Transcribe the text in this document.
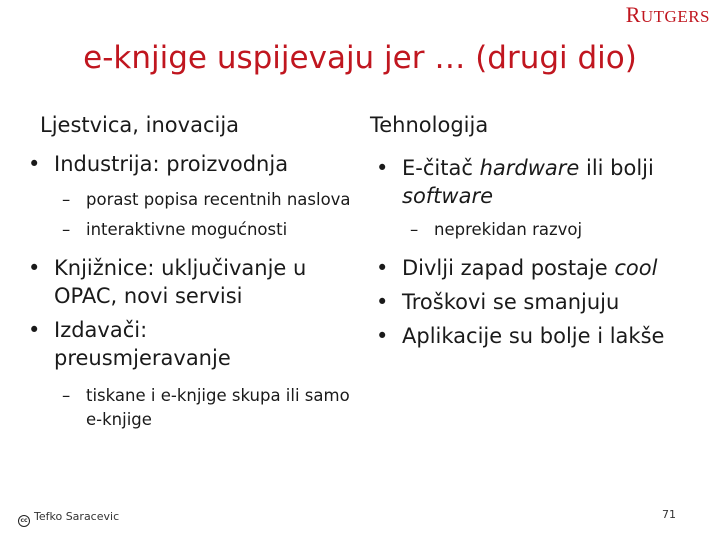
RUTGERS
e-knjige uspijevaju jer … (drugi dio)
Ljestvica, inovacija
• Industrija: proizvodnja
– porast popisa recentnih naslova
– interaktivne mogućnosti
• Knjižnice: uključivanje u OPAC, novi servisi
• Izdavači: preusmjeravanje
– tiskane i e-knjige skupa ili samo e-knjige
Tehnologija
• E-čitač hardware ili bolji software
– neprekidan razvoj
• Divlji zapad postaje cool
• Troškovi se smanjuju
• Aplikacije su bolje i lakše
cc Tefko Saracevic	71
